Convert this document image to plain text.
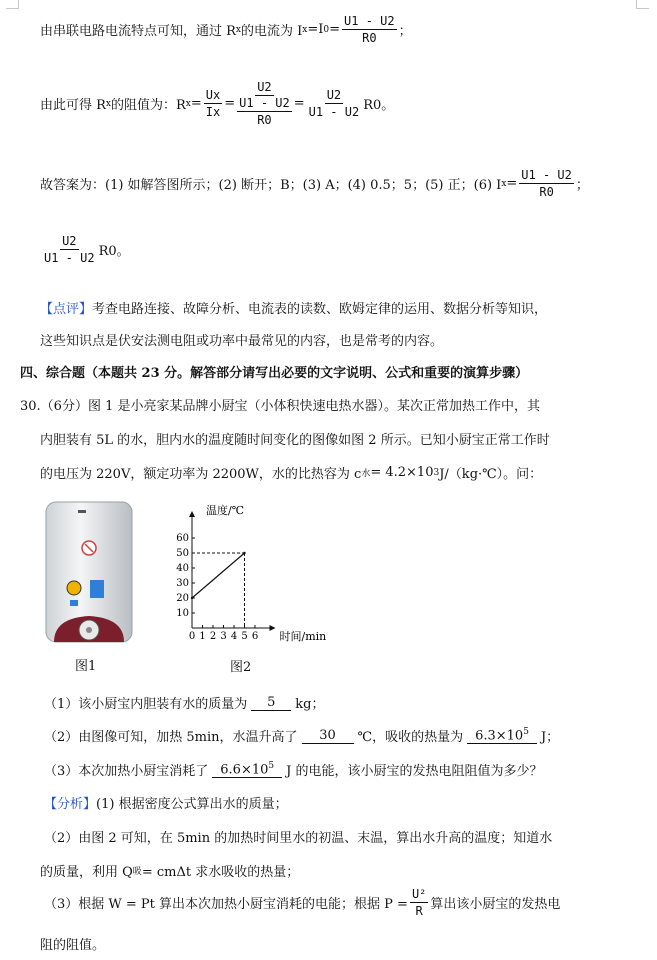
由串联电路电流特点可知，通过 R x 的电流为 I x =I $0 = \frac{U1 - U2}{R0}$ ；
由此可得 R x 的阻值为：R $x = \frac{Ux}{Ix} = \frac{U2}{\frac{U1 - U2}{R0}} = \frac{U2}{U1 - U2} R0$。
故答案为：(1) 如解答图所示；(2) 断开；B；(3) A；(4) 0.5；5；(5) 正；(6) I $x = \frac{U1 - U2}{R0}$ ；
$\frac{U2}{U1 - U2} R0$。
【点评】 考查电路连接、故障分析、电流表的读数、欧姆定律的运用、数据分析等知识，
这些知识点是伏安法测电阻或功率中最常见的内容，也是常考的内容。
四、综合题（本题共 23 分。解答部分请写出必要的文字说明、公式和重要的演算步骤）
30.（6分）图 1 是小亮家某品牌小厨宝（小体积快速电热水器）。某次正常加热工作中，其
内胆装有 5L 的水，胆内水的温度随时间变化的图像如图 2 所示。已知小厨宝正常工作时
的电压为 220V，额定功率为 2200W，水的比热容为 c 水 = 4.2×10 3 J/（kg·℃）。问：
图1
0 1 2 3 4 5 6
10
20
30
40
50
60
温度/℃
时间/min
图2
（1）该小厨宝内胆装有水的质量为	5	kg；
（2）由图像可知，加热 5min，水温升高了	30	℃，吸收的热量为 $6.3\times 10^5$ J；
（3）本次加热小厨宝消耗了 $6.6\times 10^5$ J 的电能，该小厨宝的发热电阻阻值为多少？
【分析】 (1) 根据密度公式算出水的质量；
（2）由图 2 可知，在 5min 的加热时间里水的初温、末温，算出水升高的温度；知道水
的质量，利用 Q 吸 = cmΔt 求水吸收的热量；
（3）根据 W = Pt 算出本次加热小厨宝消耗的电能；根据 $P = \frac{\text{U²}}{R}$ 算出该小厨宝的发热电
阻的阻值。
